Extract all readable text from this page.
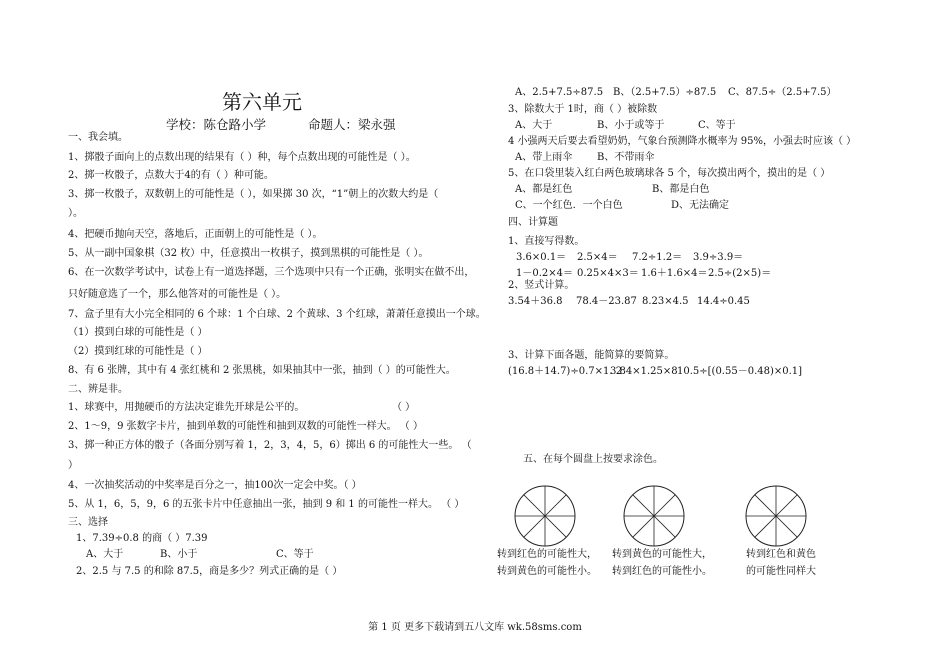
第六单元
学校：陈仓路小学	命题人：梁永强
一、我会填。
1、掷骰子面向上的点数出现的结果有（ ）种，每个点数出现的可能性是（ ）。
2、掷一枚骰子，点数大于4的有（ ）种可能。
3、掷一枚骰子，双数朝上的可能性是（ ），如果掷 30 次，“1”朝上的次数大约是（
）。
4、把硬币抛向天空，落地后，正面朝上的可能性是（ ）。
5、从一副中国象棋（32 枚）中，任意摸出一枚棋子，摸到黑棋的可能性是（ ）。
6、在一次数学考试中，试卷上有一道选择题，三个选项中只有一个正确，张明实在做不出，
只好随意选了一个，那么他答对的可能性是（ ）。
7、盒子里有大小完全相同的 6 个球：1 个白球、2 个黄球、3 个红球，萧萧任意摸出一个球。
（1）摸到白球的可能性是（ ）
（2）摸到红球的可能性是（ ）
8、有 6 张牌，其中有 4 张红桃和 2 张黑桃，如果抽其中一张，抽到（ ）的可能性大。
二、辨是非。
1、球赛中，用抛硬币的方法决定谁先开球是公平的。	（ ）
2、1～9，9 张数字卡片，抽到单数的可能性和抽到双数的可能性一样大。 （ ）
3、掷一种正方体的骰子（各面分别写着 1，2，3，4，5，6）掷出 6 的可能性大一些。 （
）
4、一次抽奖活动的中奖率是百分之一，抽100次一定会中奖。（ ）
5、从 1，6，5，9，6 的五张卡片中任意抽出一张，抽到 9 和 1 的可能性一样大。 （ ）
三、选择
1、7.39÷0.8 的商（ ）7.39
A、大于	B、小于	C、等于
2、2.5 与 7.5 的和除 87.5，商是多少？列式正确的是（ ）
A、2.5+7.5÷87.5 B、（2.5+7.5）÷87.5 C、87.5÷（2.5+7.5）
3、除数大于 1时，商（ ）被除数
A、大于	B、小于或等于	C、等于
4 小强两天后要去看望奶奶，气象台预测降水概率为 95%，小强去时应该（ ）
A、带上雨伞 B、不带雨伞
5、在口袋里装入红白两色玻璃球各 5 个，每次摸出两个，摸出的是（ ）
A、都是红色	B、都是白色
C、一个红色．一个白色	D、无法确定
四、计算题
1、直接写得数。
3.6×0.1＝ 2.5×4＝ 7.2÷1.2＝ 3.9÷3.9＝
1－0.2×4＝ 0.25×4×3＝ 1.6＋1.6×4＝ 2.5÷(2×5)＝
2、竖式计算。
3.54＋36.8 78.4－23.87 8.23×4.5 14.4÷0.45
3、计算下面各题，能简算的要简算。
(16.8＋14.7)÷0.7×1. 2
3.84×1.25×8 10.5÷[(0.55－0.48)×0.1]
五、在每个圆盘上按要求涂色。
转到红色的可能性大，
转到黄色的可能性小。
转到黄色的可能性大，
转到红色的可能性小。
转到红色和黄色
的可能性同样大
第 1 页 更多下载请到五八文库 wk.58sms.com
